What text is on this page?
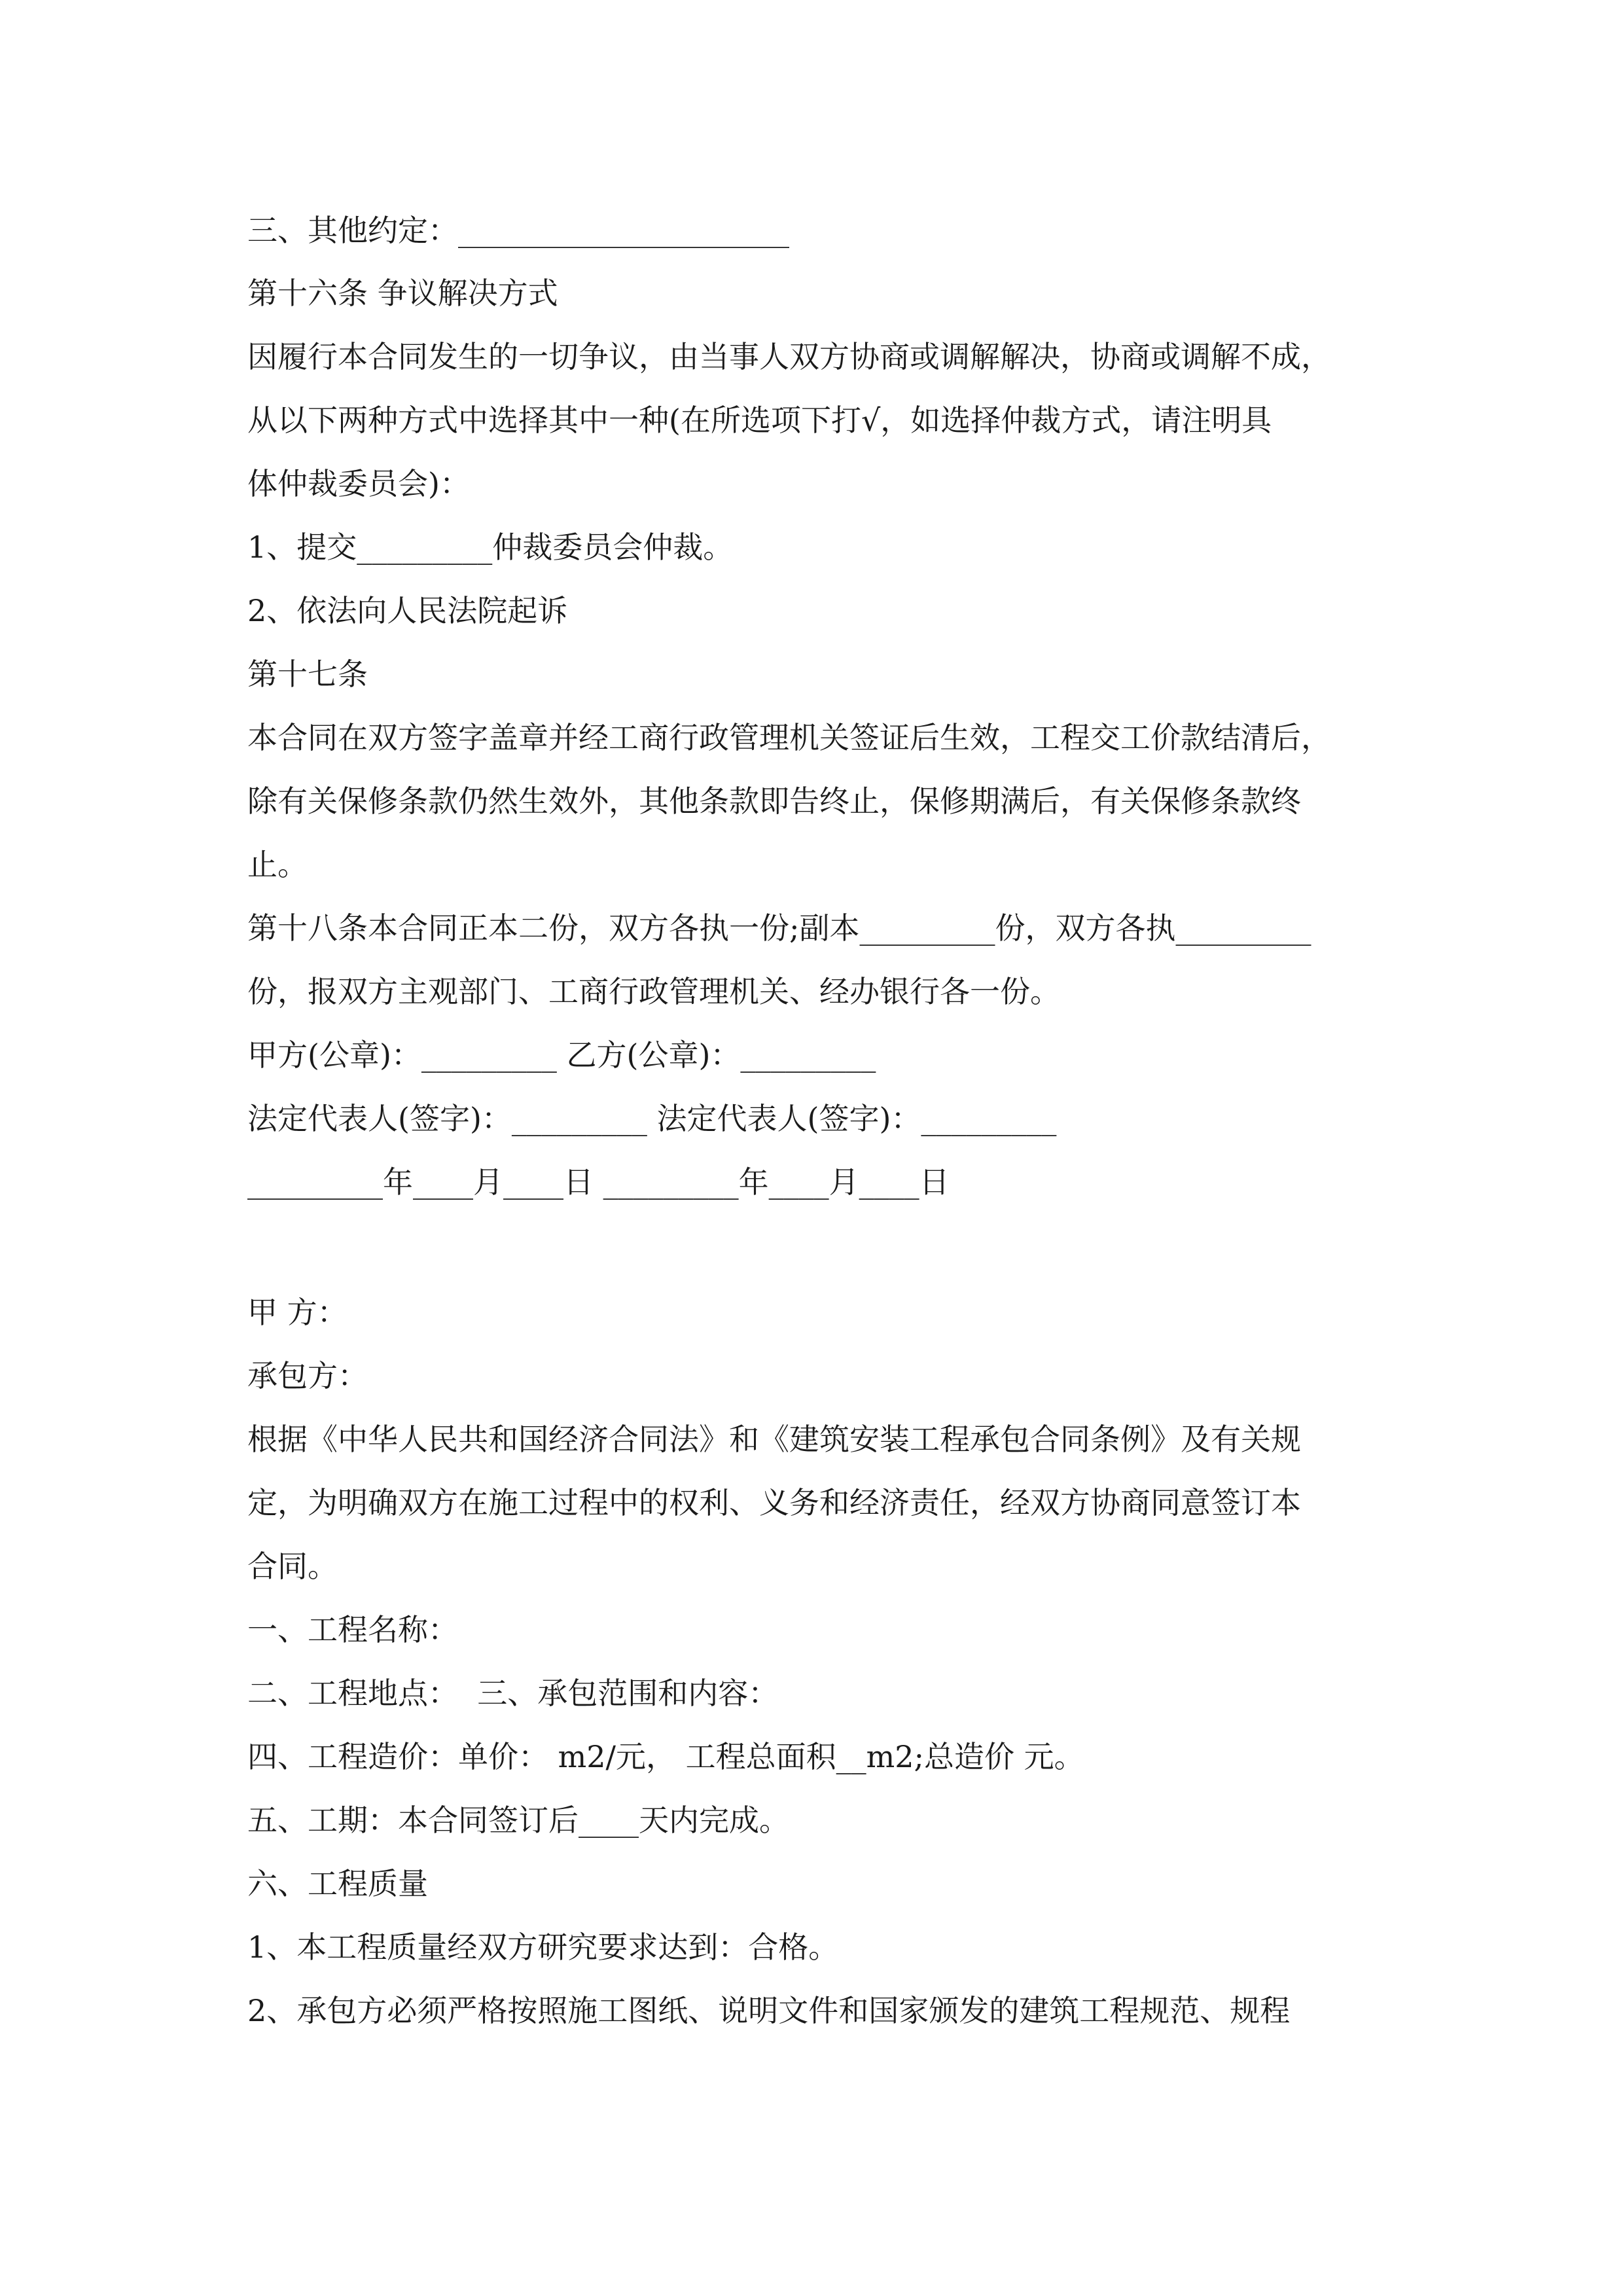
三、其他约定：______________________
第十六条 争议解决方式
因履行本合同发生的一切争议，由当事人双方协商或调解解决，协商或调解不成，
从以下两种方式中选择其中一种(在所选项下打√，如选择仲裁方式，请注明具
体仲裁委员会)：
1、提交_________仲裁委员会仲裁。
2、依法向人民法院起诉
第十七条
本合同在双方签字盖章并经工商行政管理机关签证后生效，工程交工价款结清后，
除有关保修条款仍然生效外，其他条款即告终止，保修期满后，有关保修条款终
止。
第十八条本合同正本二份，双方各执一份;副本_________份，双方各执_________
份，报双方主观部门、工商行政管理机关、经办银行各一份。
甲方(公章)：_________ 乙方(公章)：_________
法定代表人(签字)：_________ 法定代表人(签字)：_________
_________年____月____日 _________年____月____日
甲 方：
承包方：
根据《中华人民共和国经济合同法》和《建筑安装工程承包合同条例》及有关规
定，为明确双方在施工过程中的权利、义务和经济责任，经双方协商同意签订本
合同。
一、工程名称：
二、工程地点：  三、承包范围和内容：
四、工程造价：单价： m2/元， 工程总面积__m2;总造价 元。
五、工期：本合同签订后____天内完成。
六、工程质量
1、本工程质量经双方研究要求达到：合格。
2、承包方必须严格按照施工图纸、说明文件和国家颁发的建筑工程规范、规程
